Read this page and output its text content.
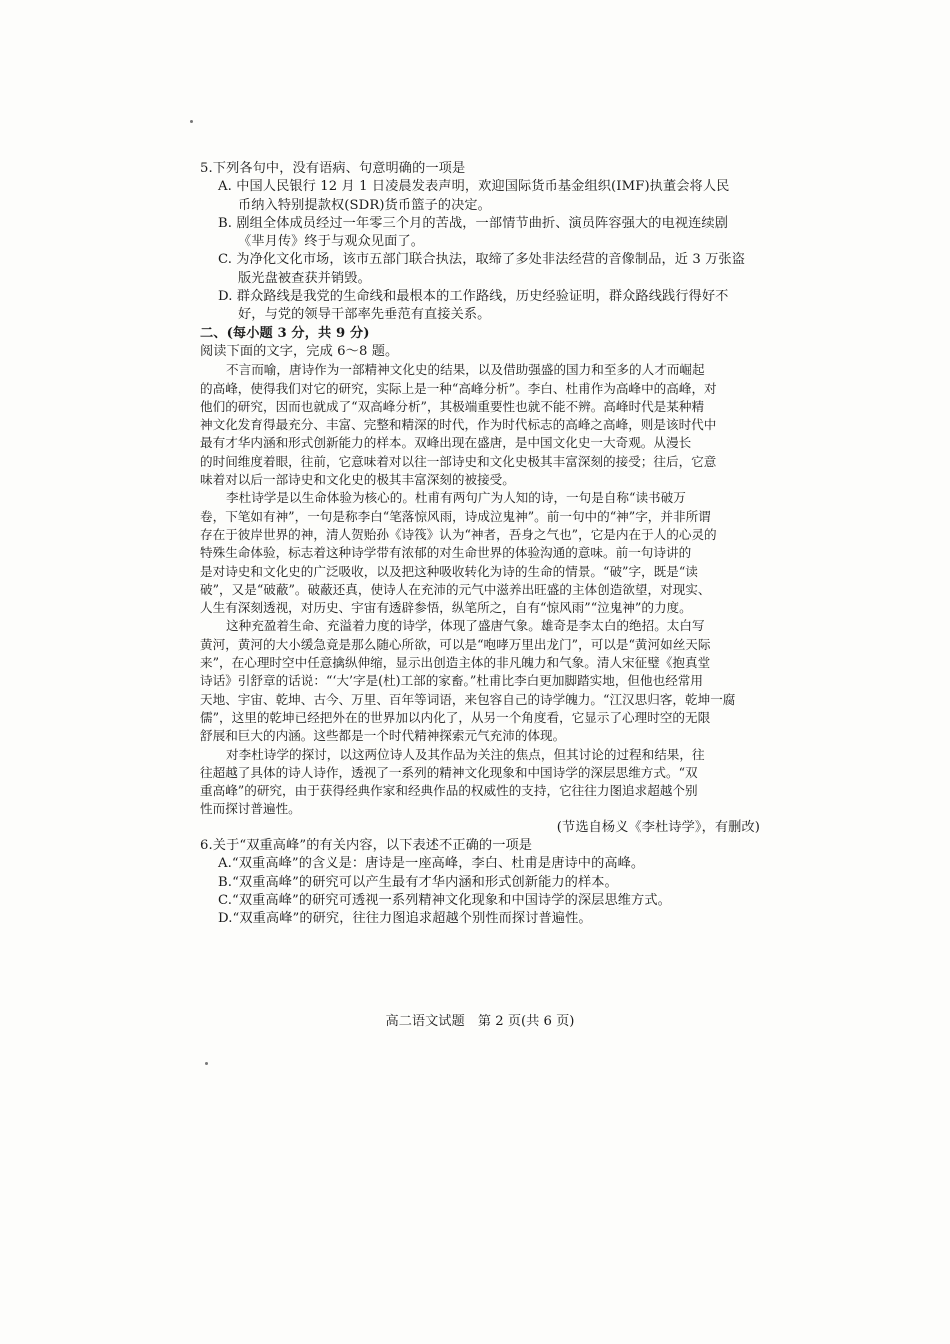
5.下列各句中，没有语病、句意明确的一项是
A. 中国人民银行 12 月 1 日凌晨发表声明，欢迎国际货币基金组织(IMF)执董会将人民
币纳入特别提款权(SDR)货币篮子的决定。
B. 剧组全体成员经过一年零三个月的苦战，一部情节曲折、演员阵容强大的电视连续剧
《芈月传》终于与观众见面了。
C. 为净化文化市场，该市五部门联合执法，取缔了多处非法经营的音像制品，近 3 万张盗
版光盘被查获并销毁。
D. 群众路线是我党的生命线和最根本的工作路线，历史经验证明，群众路线践行得好不
好，与党的领导干部率先垂范有直接关系。
二、(每小题 3 分，共 9 分)
阅读下面的文字，完成 6～8 题。
不言而喻，唐诗作为一部精神文化史的结果，以及借助强盛的国力和至多的人才而崛起
的高峰，使得我们对它的研究，实际上是一种“高峰分析”。李白、杜甫作为高峰中的高峰，对
他们的研究，因而也就成了“双高峰分析”，其极端重要性也就不能不辨。高峰时代是某种精
神文化发育得最充分、丰富、完整和精深的时代，作为时代标志的高峰之高峰，则是该时代中
最有才华内涵和形式创新能力的样本。双峰出现在盛唐，是中国文化史一大奇观。从漫长
的时间维度着眼，往前，它意味着对以往一部诗史和文化史极其丰富深刻的接受；往后，它意
味着对以后一部诗史和文化史的极其丰富深刻的被接受。
李杜诗学是以生命体验为核心的。杜甫有两句广为人知的诗，一句是自称“读书破万
卷，下笔如有神”，一句是称李白“笔落惊风雨，诗成泣鬼神”。前一句中的“神”字，并非所谓
存在于彼岸世界的神，清人贺贻孙《诗筏》认为“神者，吾身之气也”，它是内在于人的心灵的
特殊生命体验，标志着这种诗学带有浓郁的对生命世界的体验沟通的意味。前一句诗讲的
是对诗史和文化史的广泛吸收，以及把这种吸收转化为诗的生命的情景。“破”字，既是“读
破”，又是“破蔽”。破蔽还真，使诗人在充沛的元气中滋养出旺盛的主体创造欲望，对现实、
人生有深刻透视，对历史、宇宙有透辟参悟，纵笔所之，自有“惊风雨”“泣鬼神”的力度。
这种充盈着生命、充溢着力度的诗学，体现了盛唐气象。雄奇是李太白的绝招。太白写
黄河，黄河的大小缓急竟是那么随心所欲，可以是“咆哮万里出龙门”，可以是“黄河如丝天际
来”，在心理时空中任意擒纵伸缩，显示出创造主体的非凡魄力和气象。清人宋征璧《抱真堂
诗话》引舒章的话说：“‘大’字是(杜)工部的家畜。”杜甫比李白更加脚踏实地，但他也经常用
天地、宇宙、乾坤、古今、万里、百年等词语，来包容自己的诗学魄力。“江汉思归客，乾坤一腐
儒”，这里的乾坤已经把外在的世界加以内化了，从另一个角度看，它显示了心理时空的无限
舒展和巨大的内涵。这些都是一个时代精神探索元气充沛的体现。
对李杜诗学的探讨，以这两位诗人及其作品为关注的焦点，但其讨论的过程和结果，往
往超越了具体的诗人诗作，透视了一系列的精神文化现象和中国诗学的深层思维方式。“双
重高峰”的研究，由于获得经典作家和经典作品的权威性的支持，它往往力图追求超越个别
性而探讨普遍性。
(节选自杨义《李杜诗学》，有删改)
6.关于“双重高峰”的有关内容，以下表述不正确的一项是
A.“双重高峰”的含义是：唐诗是一座高峰，李白、杜甫是唐诗中的高峰。
B.“双重高峰”的研究可以产生最有才华内涵和形式创新能力的样本。
C.“双重高峰”的研究可透视一系列精神文化现象和中国诗学的深层思维方式。
D.“双重高峰”的研究，往往力图追求超越个别性而探讨普遍性。
高二语文试题　第 2 页(共 6 页)
